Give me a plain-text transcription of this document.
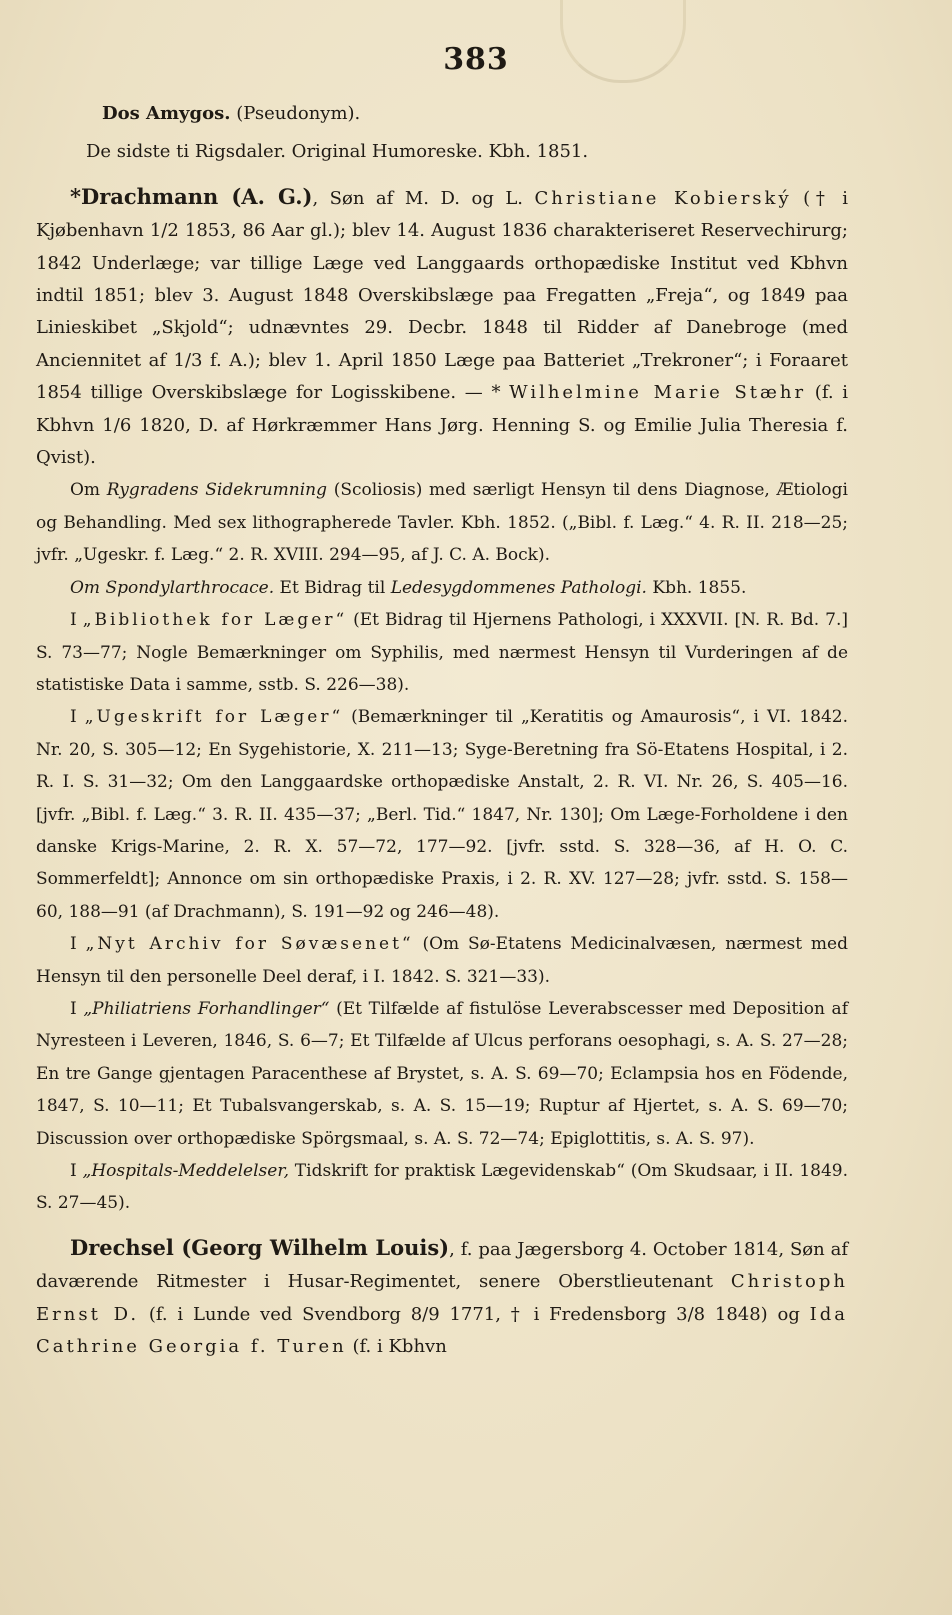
383

Dos Amygos. (Pseudonym).

De sidste ti Rigsdaler. Original Humoreske. Kbh. 1851.

*Drachmann (A. G.), Søn af M. D. og L. Christiane Kobierský († i Kjøbenhavn 1/2 1853, 86 Aar gl.); blev 14. August 1836 charakteriseret Reservechirurg; 1842 Underlæge; var tillige Læge ved Langgaards orthopædiske Institut ved Kbhvn indtil 1851; blev 3. August 1848 Overskibslæge paa Fregatten „Freja“, og 1849 paa Linieskibet „Skjold“; udnævntes 29. Decbr. 1848 til Ridder af Danebroge (med Anciennitet af 1/3 f. A.); blev 1. April 1850 Læge paa Batteriet „Trekroner“; i Foraaret 1854 tillige Overskibslæge for Logisskibene. — * Wilhelmine Marie Stæhr (f. i Kbhvn 1/6 1820, D. af Hørkræmmer Hans Jørg. Henning S. og Emilie Julia Theresia f. Qvist).

Om Rygradens Sidekrumning (Scoliosis) med særligt Hensyn til dens Diagnose, Ætiologi og Behandling. Med sex lithographerede Tavler. Kbh. 1852. („Bibl. f. Læg.“ 4. R. II. 218—25; jvfr. „Ugeskr. f. Læg.“ 2. R. XVIII. 294—95, af J. C. A. Bock).

Om Spondylarthrocace. Et Bidrag til Ledesygdommenes Pathologi. Kbh. 1855.

I „Bibliothek for Læger“ (Et Bidrag til Hjernens Pathologi, i XXXVII. [N. R. Bd. 7.] S. 73—77; Nogle Bemærkninger om Syphilis, med nærmest Hensyn til Vurderingen af de statistiske Data i samme, sstb. S. 226—38).

I „Ugeskrift for Læger“ (Bemærkninger til „Keratitis og Amaurosis“, i VI. 1842. Nr. 20, S. 305—12; En Sygehistorie, X. 211—13; Syge-Beretning fra Sö-Etatens Hospital, i 2. R. I. S. 31—32; Om den Langgaardske orthopædiske Anstalt, 2. R. VI. Nr. 26, S. 405—16. [jvfr. „Bibl. f. Læg.“ 3. R. II. 435—37; „Berl. Tid.“ 1847, Nr. 130]; Om Læge-Forholdene i den danske Krigs-Marine, 2. R. X. 57—72, 177—92. [jvfr. sstd. S. 328—36, af H. O. C. Sommerfeldt]; Annonce om sin orthopædiske Praxis, i 2. R. XV. 127—28; jvfr. sstd. S. 158—60, 188—91 (af Drachmann), S. 191—92 og 246—48).

I „Nyt Archiv for Søvæsenet“ (Om Sø-Etatens Medicinalvæsen, nærmest med Hensyn til den personelle Deel deraf, i I. 1842. S. 321—33).

I „Philiatriens Forhandlinger“ (Et Tilfælde af fistulöse Leverabscesser med Deposition af Nyresteen i Leveren, 1846, S. 6—7; Et Tilfælde af Ulcus perforans oesophagi, s. A. S. 27—28; En tre Gange gjentagen Paracenthese af Brystet, s. A. S. 69—70; Eclampsia hos en Födende, 1847, S. 10—11; Et Tubalsvangerskab, s. A. S. 15—19; Ruptur af Hjertet, s. A. S. 69—70; Discussion over orthopædiske Spörgsmaal, s. A. S. 72—74; Epiglottitis, s. A. S. 97).

I „Hospitals-Meddelelser, Tidskrift for praktisk Lægevidenskab“ (Om Skudsaar, i II. 1849. S. 27—45).

Drechsel (Georg Wilhelm Louis), f. paa Jægersborg 4. October 1814, Søn af daværende Ritmester i Husar-Regimentet, senere Oberstlieutenant Christoph Ernst D. (f. i Lunde ved Svendborg 8/9 1771, † i Fredensborg 3/8 1848) og Ida Cathrine Georgia f. Turen (f. i Kbhvn
